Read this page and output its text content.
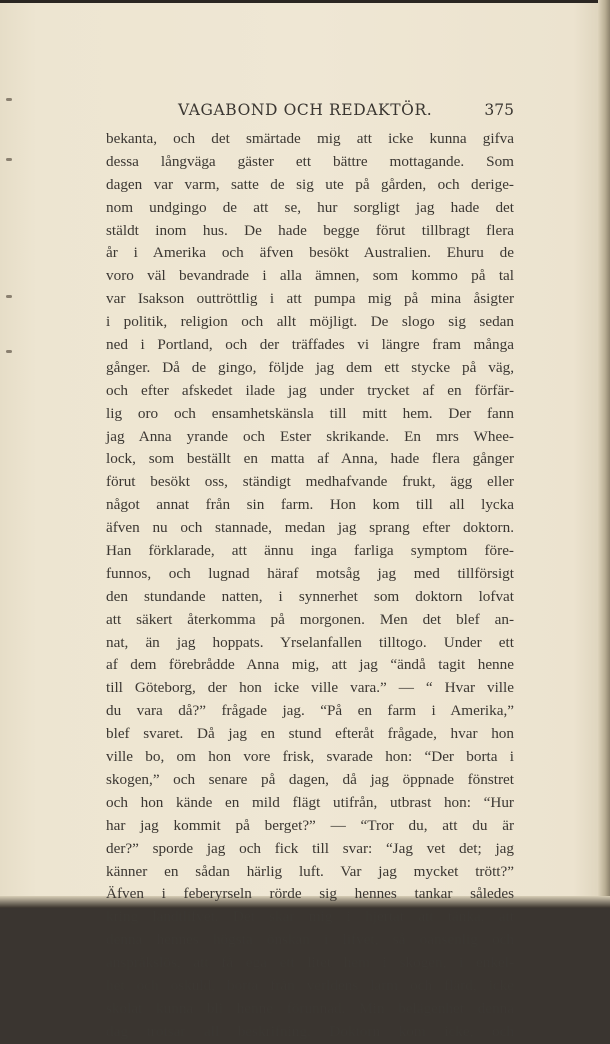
VAGABOND OCH REDAKTÖR.	375
bekanta, och det smärtade mig att icke kunna gifva
dessa långväga gäster ett bättre mottagande. Som
dagen var varm, satte de sig ute på gården, och derige-
nom undgingo de att se, hur sorgligt jag hade det
stäldt inom hus. De hade begge förut tillbragt flera
år i Amerika och äfven besökt Australien. Ehuru de
voro väl bevandrade i alla ämnen, som kommo på tal
var Isakson outtröttlig i att pumpa mig på mina åsigter
i politik, religion och allt möjligt. De slogo sig sedan
ned i Portland, och der träffades vi längre fram många
gånger. Då de gingo, följde jag dem ett stycke på väg,
och efter afskedet ilade jag under trycket af en förfär-
lig oro och ensamhetskänsla till mitt hem. Der fann
jag Anna yrande och Ester skrikande. En mrs Whee-
lock, som beställt en matta af Anna, hade flera gånger
förut besökt oss, ständigt medhafvande frukt, ägg eller
något annat från sin farm. Hon kom till all lycka
äfven nu och stannade, medan jag sprang efter doktorn.
Han förklarade, att ännu inga farliga symptom före-
funnos, och lugnad häraf motsåg jag med tillförsigt
den stundande natten, i synnerhet som doktorn lofvat
att säkert återkomma på morgonen. Men det blef an-
nat, än jag hoppats. Yrselanfallen tilltogo. Under ett
af dem förebrådde Anna mig, att jag “ändå tagit henne
till Göteborg, der hon icke ville vara.” — “ Hvar ville
du vara då?” frågade jag. “På en farm i Amerika,”
blef svaret. Då jag en stund efteråt frågade, hvar hon
ville bo, om hon vore frisk, svarade hon: “Der borta i
skogen,” och senare på dagen, då jag öppnade fönstret
och hon kände en mild flägt utifrån, utbrast hon: “Hur
har jag kommit på berget?” — “Tror du, att du är
der?” sporde jag och fick till svar: “Jag vet det; jag
känner en sådan härlig luft. Var jag mycket trött?”
Äfven i feberyrseln rörde sig hennes tankar således
kring landtlifvet. Det skar mig i hjertat att tänka, att
denna hennes högsta önskan i lifvet, så oansenlig och
anspråkslös, att få ega ett litet hem i skogen, i enkel-
het och oskuld, borta från verldens larm och flärd, icke
skolat kunna bli henne förunnad. Min belägenhet denna
dag trotsar all beskrifning. Doktorn kom icke, och
